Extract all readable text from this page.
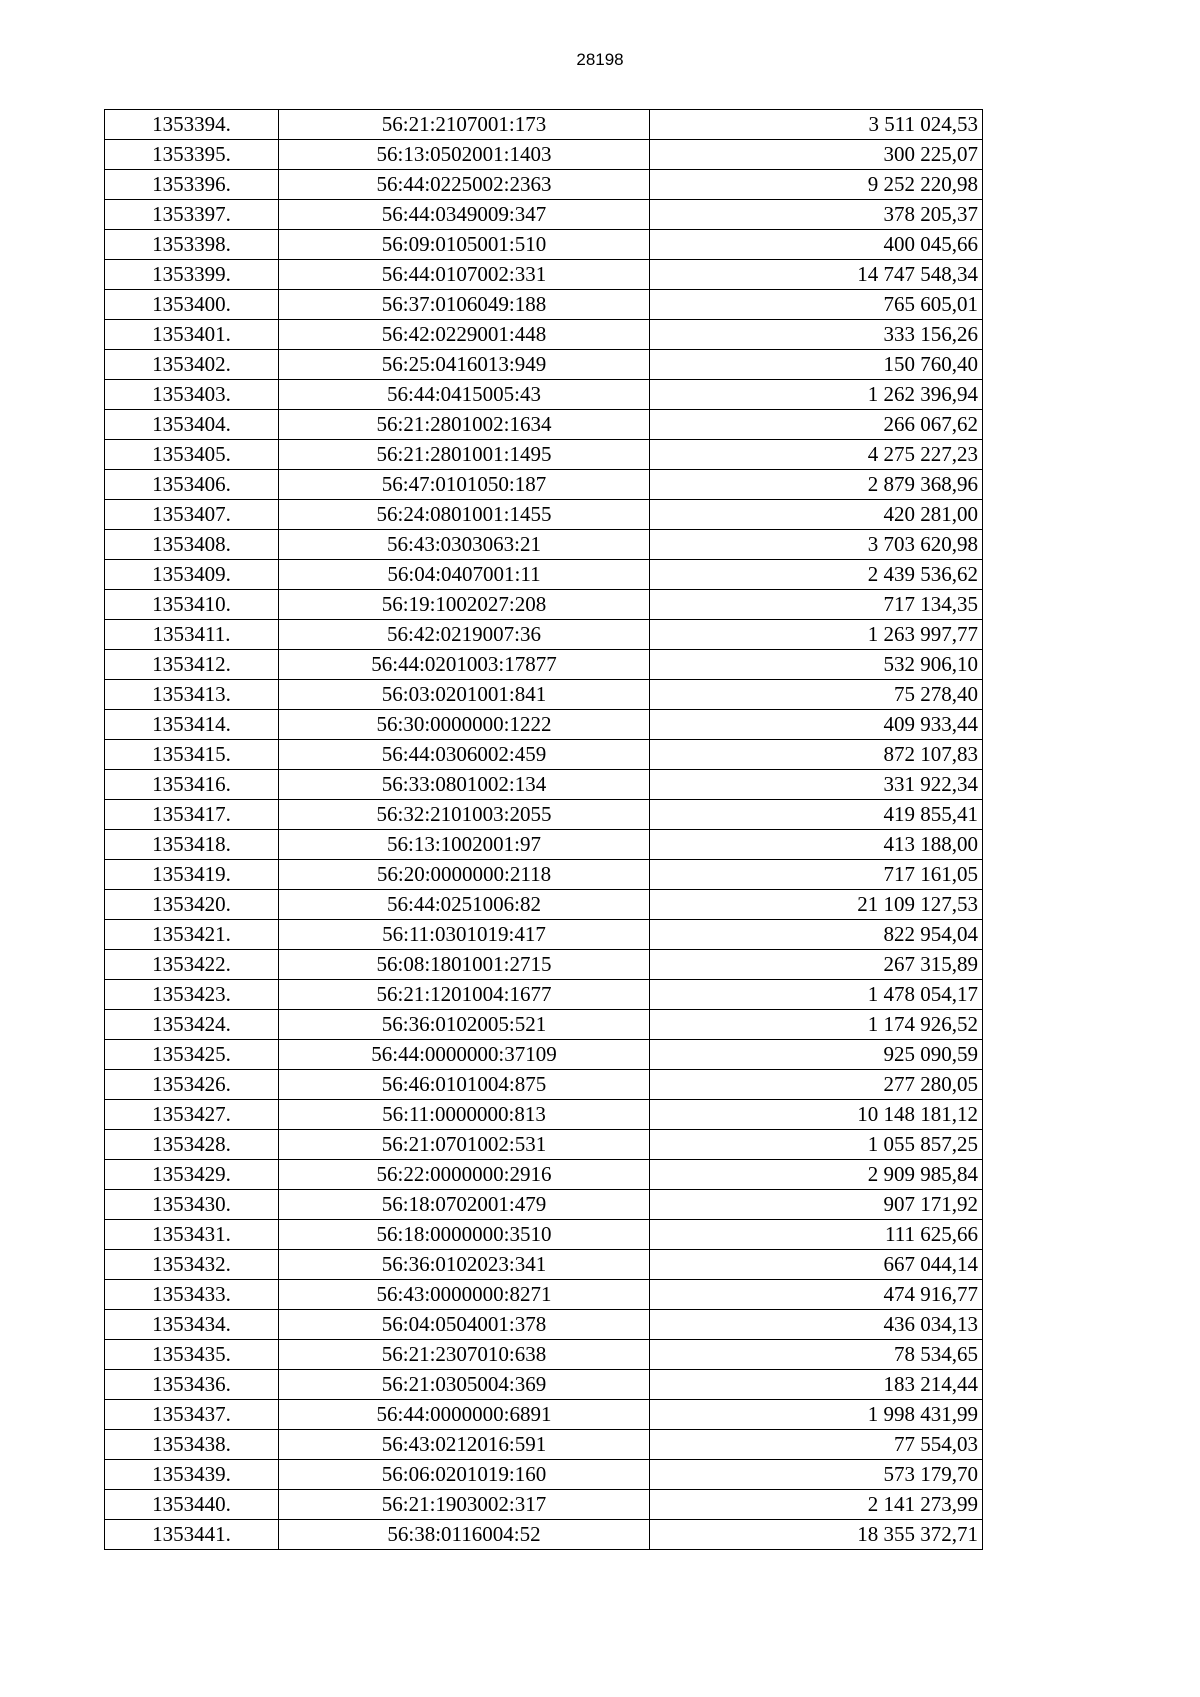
28198
1353394.	56:21:2107001:173	3 511 024,53
1353395.	56:13:0502001:1403	300 225,07
1353396.	56:44:0225002:2363	9 252 220,98
1353397.	56:44:0349009:347	378 205,37
1353398.	56:09:0105001:510	400 045,66
1353399.	56:44:0107002:331	14 747 548,34
1353400.	56:37:0106049:188	765 605,01
1353401.	56:42:0229001:448	333 156,26
1353402.	56:25:0416013:949	150 760,40
1353403.	56:44:0415005:43	1 262 396,94
1353404.	56:21:2801002:1634	266 067,62
1353405.	56:21:2801001:1495	4 275 227,23
1353406.	56:47:0101050:187	2 879 368,96
1353407.	56:24:0801001:1455	420 281,00
1353408.	56:43:0303063:21	3 703 620,98
1353409.	56:04:0407001:11	2 439 536,62
1353410.	56:19:1002027:208	717 134,35
1353411.	56:42:0219007:36	1 263 997,77
1353412.	56:44:0201003:17877	532 906,10
1353413.	56:03:0201001:841	75 278,40
1353414.	56:30:0000000:1222	409 933,44
1353415.	56:44:0306002:459	872 107,83
1353416.	56:33:0801002:134	331 922,34
1353417.	56:32:2101003:2055	419 855,41
1353418.	56:13:1002001:97	413 188,00
1353419.	56:20:0000000:2118	717 161,05
1353420.	56:44:0251006:82	21 109 127,53
1353421.	56:11:0301019:417	822 954,04
1353422.	56:08:1801001:2715	267 315,89
1353423.	56:21:1201004:1677	1 478 054,17
1353424.	56:36:0102005:521	1 174 926,52
1353425.	56:44:0000000:37109	925 090,59
1353426.	56:46:0101004:875	277 280,05
1353427.	56:11:0000000:813	10 148 181,12
1353428.	56:21:0701002:531	1 055 857,25
1353429.	56:22:0000000:2916	2 909 985,84
1353430.	56:18:0702001:479	907 171,92
1353431.	56:18:0000000:3510	111 625,66
1353432.	56:36:0102023:341	667 044,14
1353433.	56:43:0000000:8271	474 916,77
1353434.	56:04:0504001:378	436 034,13
1353435.	56:21:2307010:638	78 534,65
1353436.	56:21:0305004:369	183 214,44
1353437.	56:44:0000000:6891	1 998 431,99
1353438.	56:43:0212016:591	77 554,03
1353439.	56:06:0201019:160	573 179,70
1353440.	56:21:1903002:317	2 141 273,99
1353441.	56:38:0116004:52	18 355 372,71
